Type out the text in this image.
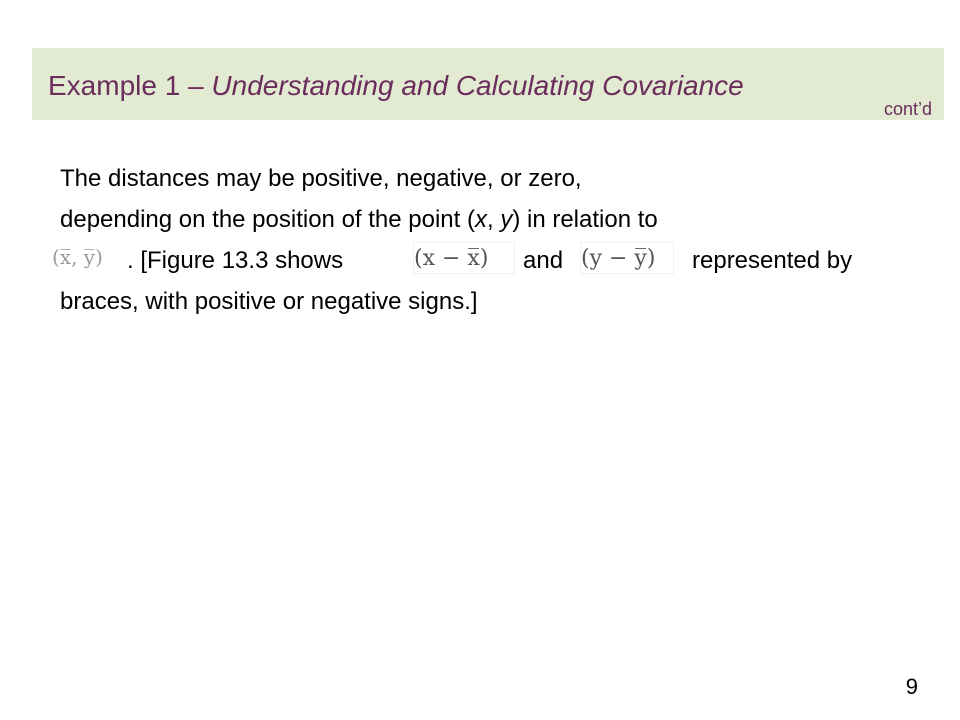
Example 1 – Understanding and Calculating Covariance
cont’d
The distances may be positive, negative, or zero,
depending on the position of the point (x, y) in relation to
(x̅, y̅)	. [Figure 13.3 shows	(x − x̅)	and (y − y̅)	represented by
braces, with positive or negative signs.]
9
